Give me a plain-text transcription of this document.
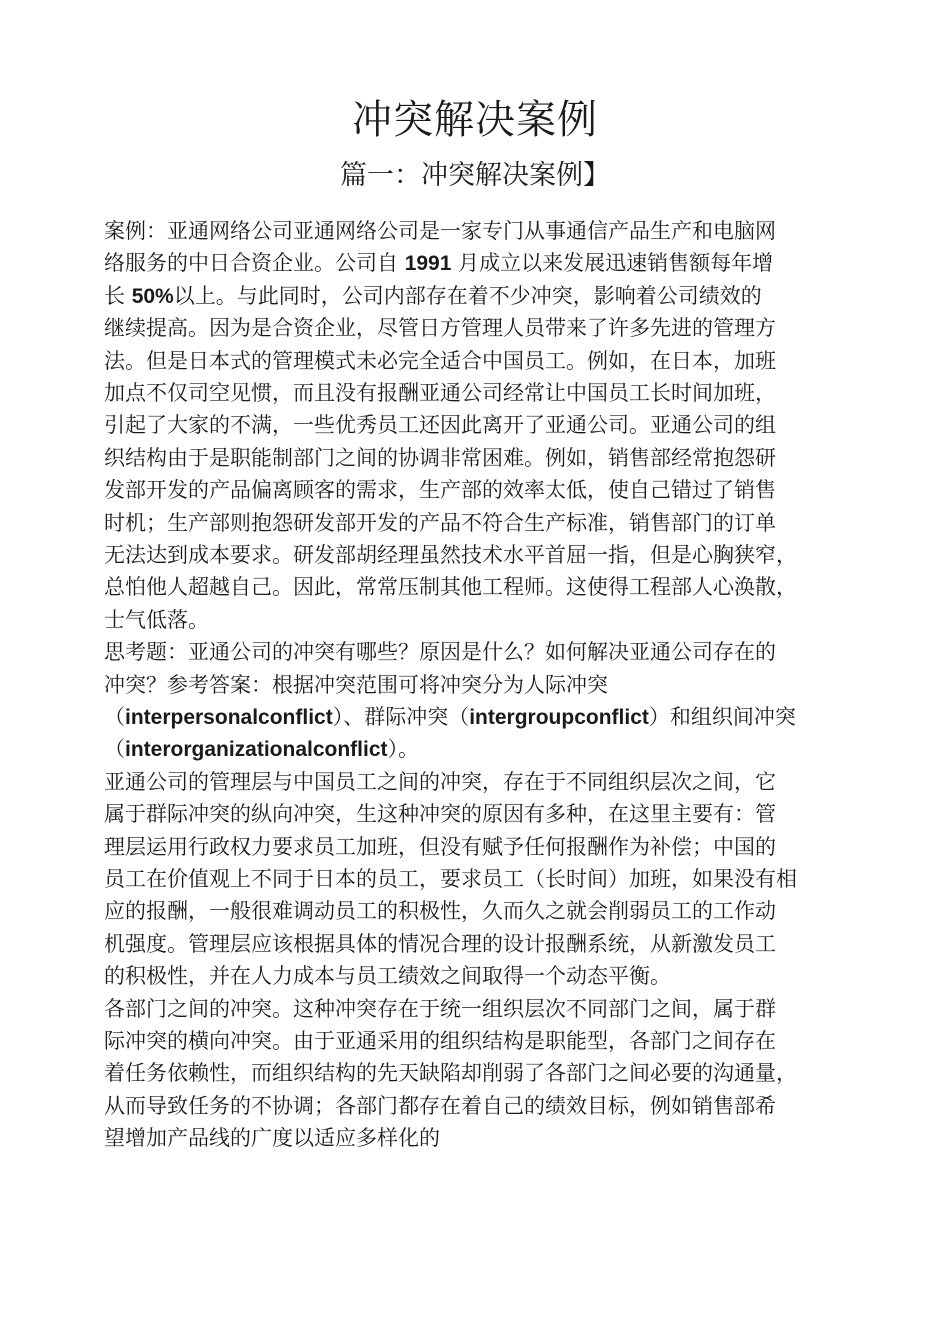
冲突解决案例
篇一：冲突解决案例】
案例：亚通网络公司亚通网络公司是一家专门从事通信产品生产和电脑网
络服务的中日合资企业。公司自 1991 月成立以来发展迅速销售额每年增
长 50%以上。与此同时，公司内部存在着不少冲突，影响着公司绩效的
继续提高。因为是合资企业，尽管日方管理人员带来了许多先进的管理方
法。但是日本式的管理模式未必完全适合中国员工。例如，在日本，加班
加点不仅司空见惯，而且没有报酬亚通公司经常让中国员工长时间加班，
引起了大家的不满，一些优秀员工还因此离开了亚通公司。亚通公司的组
织结构由于是职能制部门之间的协调非常困难。例如，销售部经常抱怨研
发部开发的产品偏离顾客的需求，生产部的效率太低，使自己错过了销售
时机；生产部则抱怨研发部开发的产品不符合生产标准，销售部门的订单
无法达到成本要求。研发部胡经理虽然技术水平首屈一指，但是心胸狭窄，
总怕他人超越自己。因此，常常压制其他工程师。这使得工程部人心涣散，
士气低落。
思考题：亚通公司的冲突有哪些？原因是什么？如何解决亚通公司存在的
冲突？参考答案：根据冲突范围可将冲突分为人际冲突
（interpersonalconflict）、群际冲突（intergroupconflict）和组织间冲突
（interorganizationalconflict）。
亚通公司的管理层与中国员工之间的冲突，存在于不同组织层次之间，它
属于群际冲突的纵向冲突，生这种冲突的原因有多种，在这里主要有：管
理层运用行政权力要求员工加班，但没有赋予任何报酬作为补偿；中国的
员工在价值观上不同于日本的员工，要求员工（长时间）加班，如果没有相
应的报酬，一般很难调动员工的积极性，久而久之就会削弱员工的工作动
机强度。管理层应该根据具体的情况合理的设计报酬系统，从新激发员工
的积极性，并在人力成本与员工绩效之间取得一个动态平衡。
各部门之间的冲突。这种冲突存在于统一组织层次不同部门之间，属于群
际冲突的横向冲突。由于亚通采用的组织结构是职能型，各部门之间存在
着任务依赖性，而组织结构的先天缺陷却削弱了各部门之间必要的沟通量，
从而导致任务的不协调；各部门都存在着自己的绩效目标，例如销售部希
望增加产品线的广度以适应多样化的
